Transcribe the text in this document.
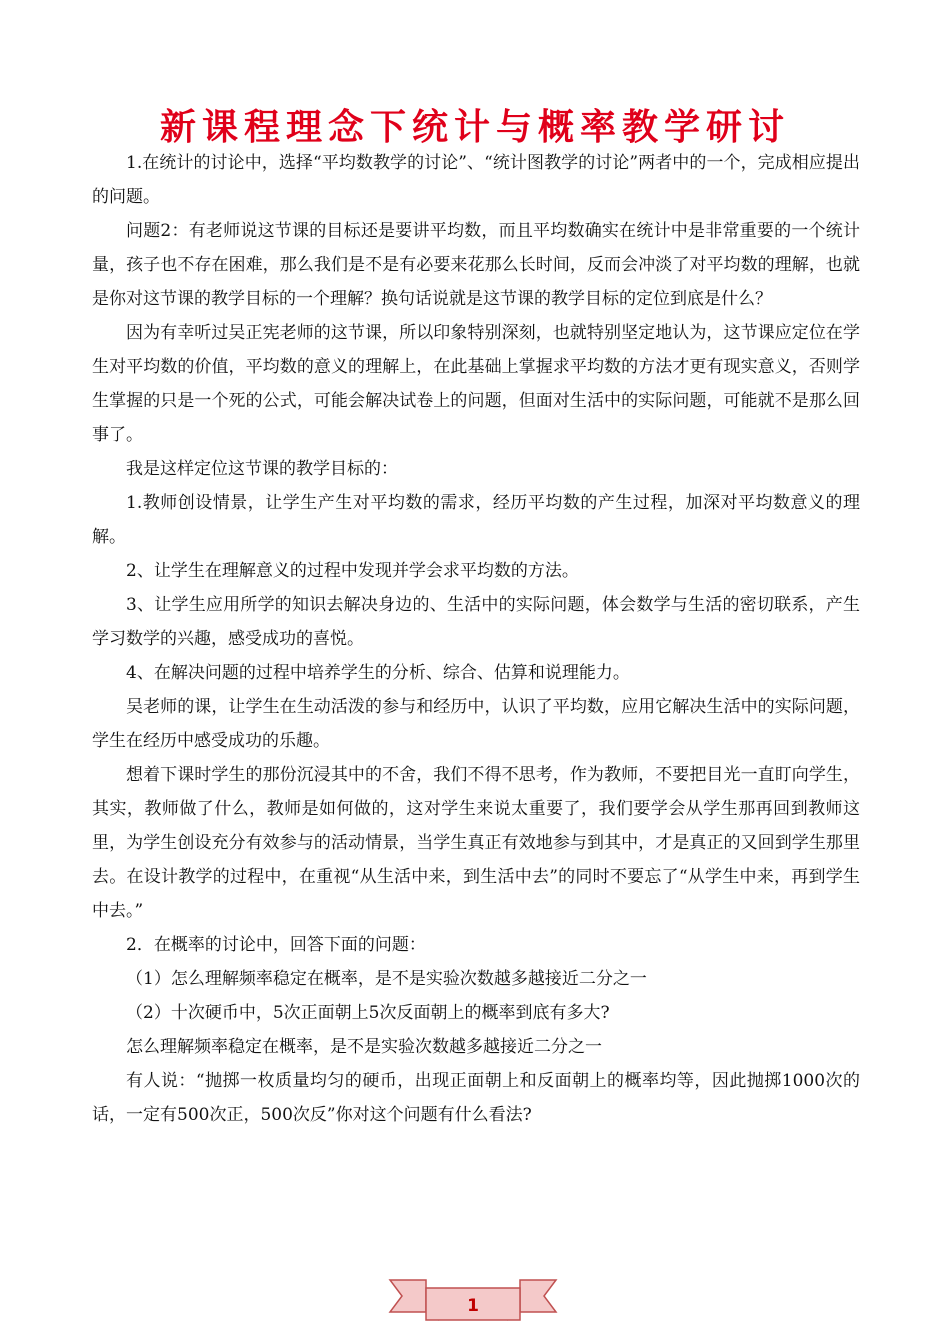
新课程理念下统计与概率教学研讨

1.在统计的讨论中，选择“平均数教学的讨论”、“统计图教学的讨论”两者中的一个，完成相应提出的问题。

问题2：有老师说这节课的目标还是要讲平均数，而且平均数确实在统计中是非常重要的一个统计量，孩子也不存在困难，那么我们是不是有必要来花那么长时间，反而会冲淡了对平均数的理解，也就是你对这节课的教学目标的一个理解？换句话说就是这节课的教学目标的定位到底是什么？

因为有幸听过吴正宪老师的这节课，所以印象特别深刻，也就特别坚定地认为，这节课应定位在学生对平均数的价值，平均数的意义的理解上，在此基础上掌握求平均数的方法才更有现实意义，否则学生掌握的只是一个死的公式，可能会解决试卷上的问题，但面对生活中的实际问题，可能就不是那么回事了。

我是这样定位这节课的教学目标的：

1.教师创设情景，让学生产生对平均数的需求，经历平均数的产生过程，加深对平均数意义的理解。

2、让学生在理解意义的过程中发现并学会求平均数的方法。

3、让学生应用所学的知识去解决身边的、生活中的实际问题，体会数学与生活的密切联系，产生学习数学的兴趣，感受成功的喜悦。

4、在解决问题的过程中培养学生的分析、综合、估算和说理能力。

吴老师的课，让学生在生动活泼的参与和经历中，认识了平均数，应用它解决生活中的实际问题，学生在经历中感受成功的乐趣。

想着下课时学生的那份沉浸其中的不舍，我们不得不思考，作为教师，不要把目光一直盯向学生，其实，教师做了什么，教师是如何做的，这对学生来说太重要了，我们要学会从学生那再回到教师这里，为学生创设充分有效参与的活动情景，当学生真正有效地参与到其中，才是真正的又回到学生那里去。在设计教学的过程中，在重视“从生活中来，到生活中去”的同时不要忘了“从学生中来，再到学生中去。”

2．在概率的讨论中，回答下面的问题：

（1）怎么理解频率稳定在概率，是不是实验次数越多越接近二分之一

（2）十次硬币中，5次正面朝上5次反面朝上的概率到底有多大?

怎么理解频率稳定在概率，是不是实验次数越多越接近二分之一

有人说：“抛掷一枚质量均匀的硬币，出现正面朝上和反面朝上的概率均等，因此抛掷1000次的话，一定有500次正，500次反”你对这个问题有什么看法?

1
